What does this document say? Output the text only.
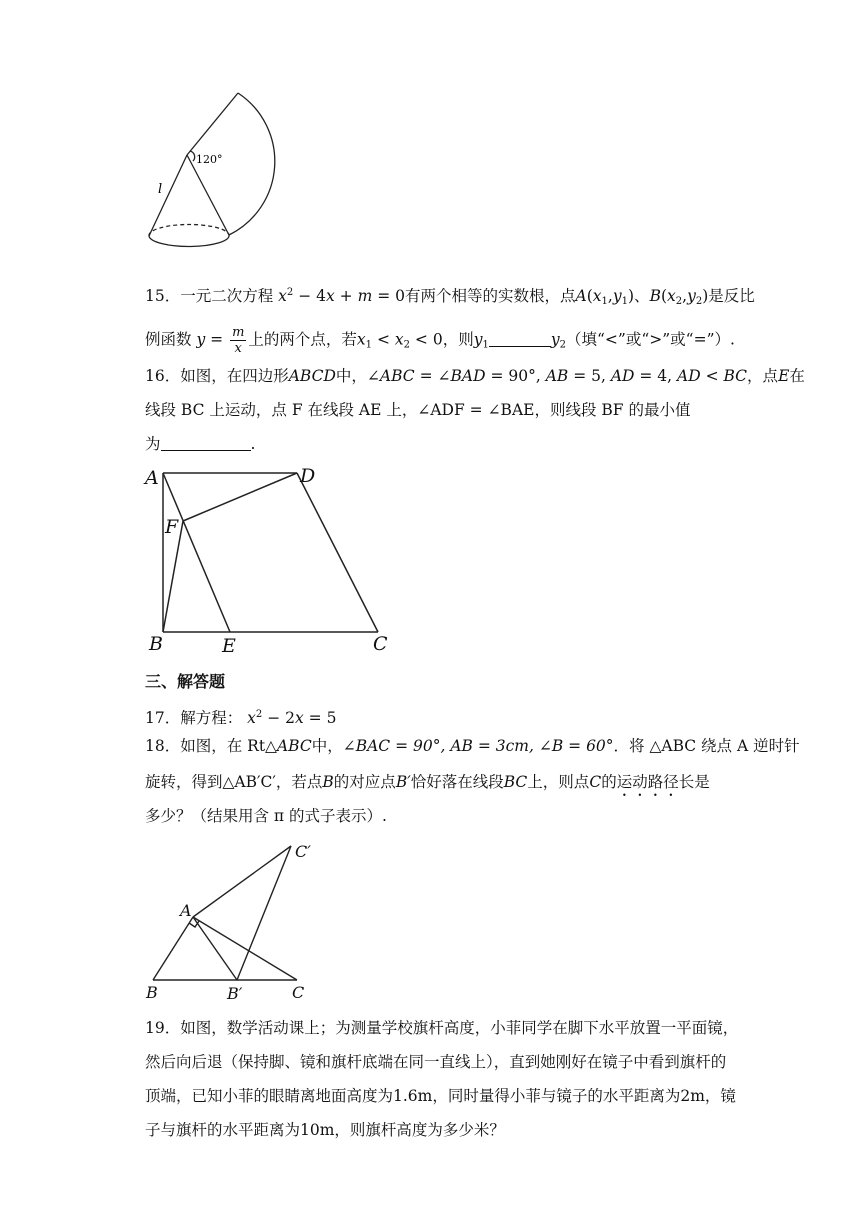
120°
l
15．一元二次方程 $x^2 - 4x + m = 0$有两个相等的实数根，点$A(x_1,y_1)$、$B(x_2,y_2)$是反比
例函数 $y = \frac{m}{x}$ 上的两个点，若$x_1 < x_2 < 0$，则$y_1$	$y_2$（填“<”或“>”或“=”）.
16．如图，在四边形ABCD中，∠ABC = ∠BAD = 90°, AB = 5, AD = 4, AD < BC，点E在
线段 BC 上运动，点 F 在线段 AE 上，∠ADF = ∠BAE，则线段 BF 的最小值
为	.
A	D
F
B	E	C
三、解答题
17．解方程： $x^2 - 2x = 5$
18．如图，在 Rt△ABC中，∠BAC = 90°, AB = 3cm, ∠B = 60°．将 △ABC 绕点 A 逆时针
旋转，得到△AB′C′，若点B的对应点B′恰好落在线段BC上，则点C的运动路径长是
多少？（结果用含 π 的式子表示）.
C′
A
B	B′	C
19．如图，数学活动课上；为测量学校旗杆高度，小菲同学在脚下水平放置一平面镜，
然后向后退（保持脚、镜和旗杆底端在同一直线上），直到她刚好在镜子中看到旗杆的
顶端，已知小菲的眼睛离地面高度为1.6m，同时量得小菲与镜子的水平距离为2m，镜
子与旗杆的水平距离为10m，则旗杆高度为多少米？
